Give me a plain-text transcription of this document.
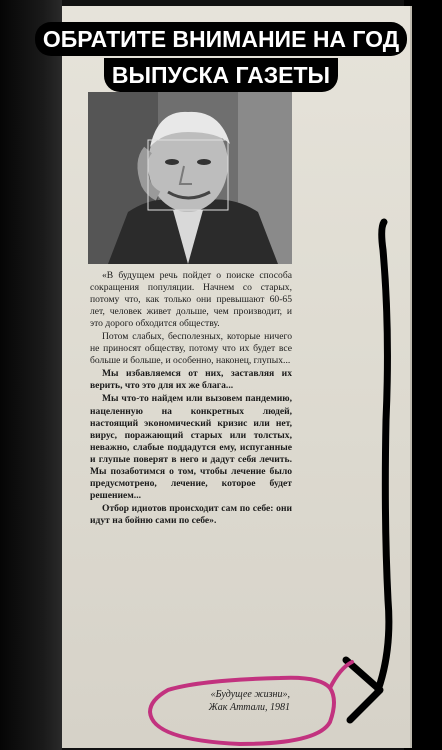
ОБРАТИТЕ ВНИМАНИЕ НА ГОД
ВЫПУСКА ГАЗЕТЫ

«В будущем речь пойдет о поиске способа сокращения популяции. Начнем со старых, потому что, как только они превышают 60-65 лет, человек живет дольше, чем производит, и это дорого обходится обществу.

Потом слабых, бесполезных, которые ничего не приносят обществу, потому что их будет все больше и больше, и особенно, наконец, глупых...

Мы избавляемся от них, заставляя их верить, что это для их же блага...

Мы что-то найдем или вызовем пандемию, нацеленную на конкретных людей, настоящий экономический кризис или нет, вирус, поражающий старых или толстых, неважно, слабые поддадутся ему, испуганные и глупые поверят в него и дадут себя лечить. Мы позаботимся о том, чтобы лечение было предусмотрено, лечение, которое будет решением...

Отбор идиотов происходит сам по себе: они идут на бойню сами по себе».

«Будущее жизни»,
Жак Аттали, 1981
